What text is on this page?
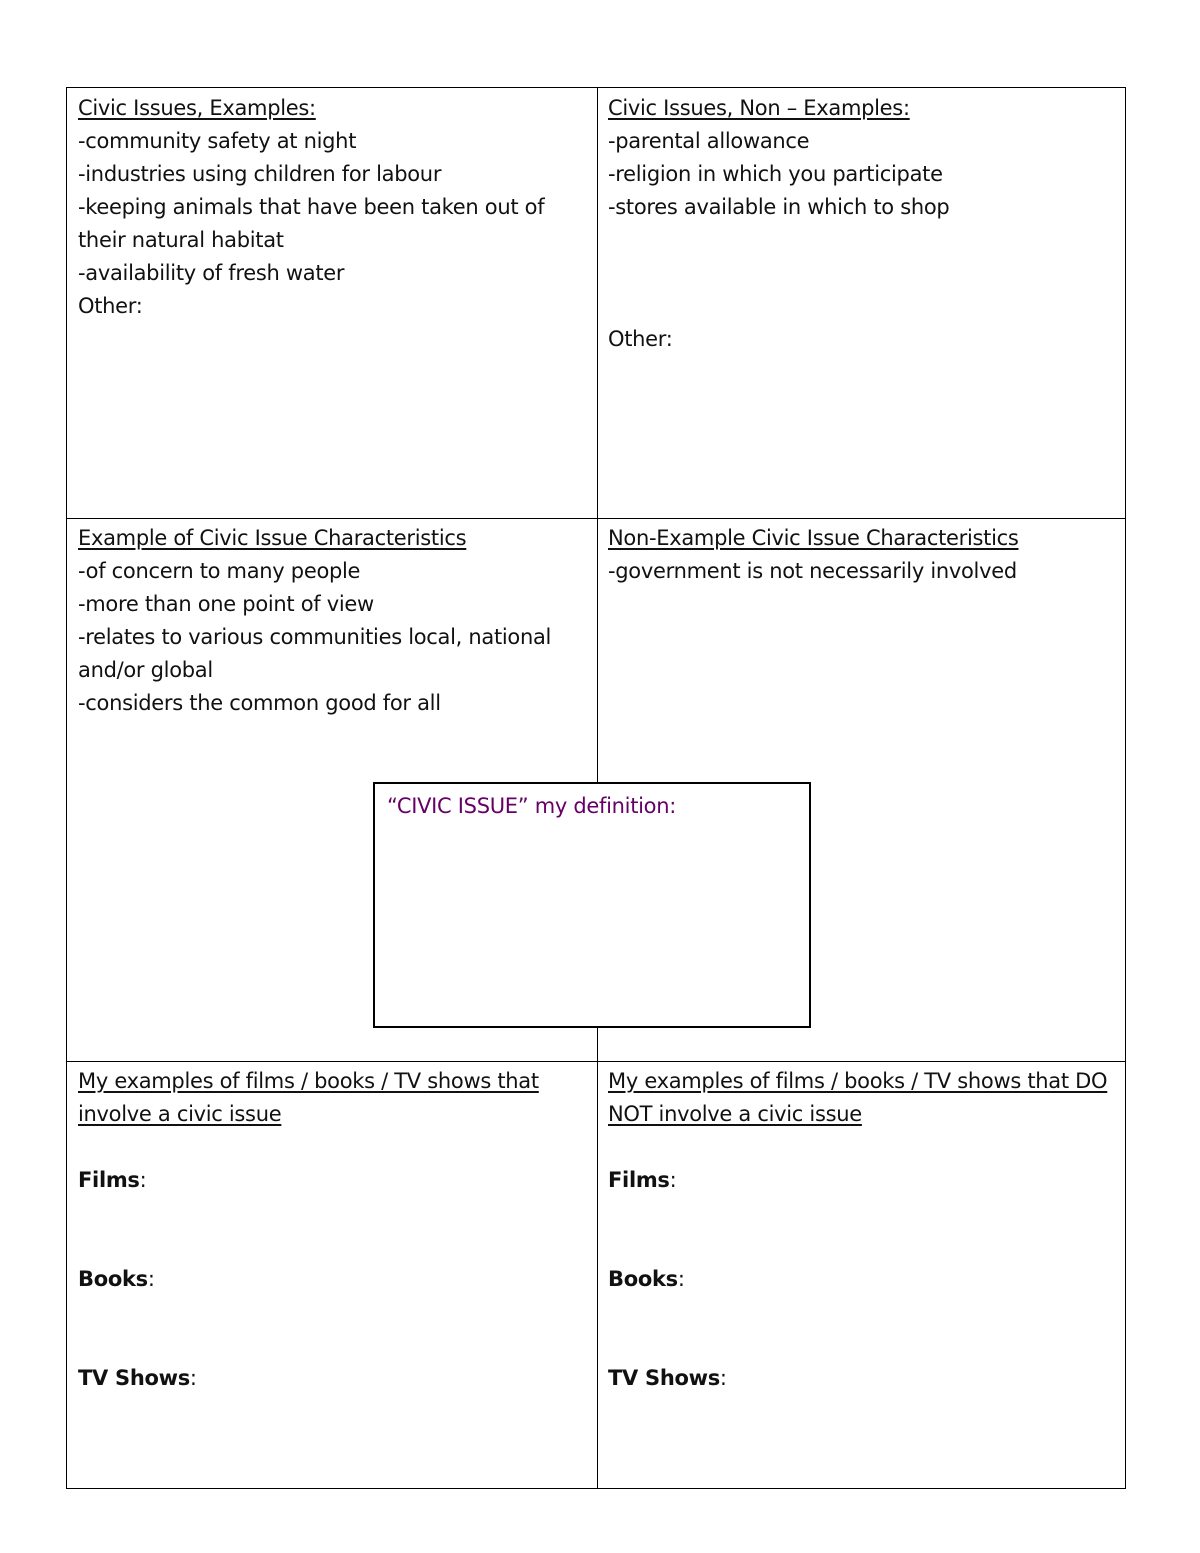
Civic Issues, Examples:
-community safety at night
-industries using children for labour
-keeping animals that have been taken out of their natural habitat
-availability of fresh water
Other:
Civic Issues, Non – Examples:
-parental allowance
-religion in which you participate
-stores available in which to shop
Other:
Example of Civic Issue Characteristics
-of concern to many people
-more than one point of view
-relates to various communities local, national and/or global
-considers the common good for all
Non-Example Civic Issue Characteristics
-government is not necessarily involved
My examples of films / books / TV shows that involve a civic issue
Films:
Books:
TV Shows:
My examples of films / books / TV shows that DO NOT involve a civic issue
Films:
Books:
TV Shows:
“CIVIC ISSUE” my definition:
